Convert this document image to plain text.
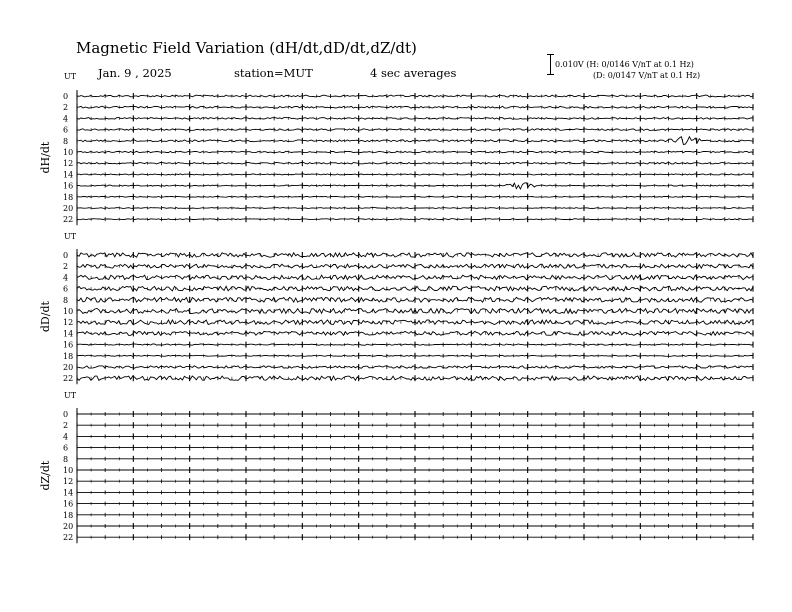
Magnetic Field Variation (dH/dt,dD/dt,dZ/dt)
Jan. 9 , 2025	station=MUT	4 sec averages
0.010V (H: 0/0146 V/nT at 0.1 Hz)
(D: 0/0147 V/nT at 0.1 Hz)
UT
dH/dt
0
2
4
6
8
10
12
14
16
18
20
22
UT
dD/dt
0
2
4
6
8
10
12
14
16
18
20
22
UT
dZ/dt
0
2
4
6
8
10
12
14
16
18
20
22
